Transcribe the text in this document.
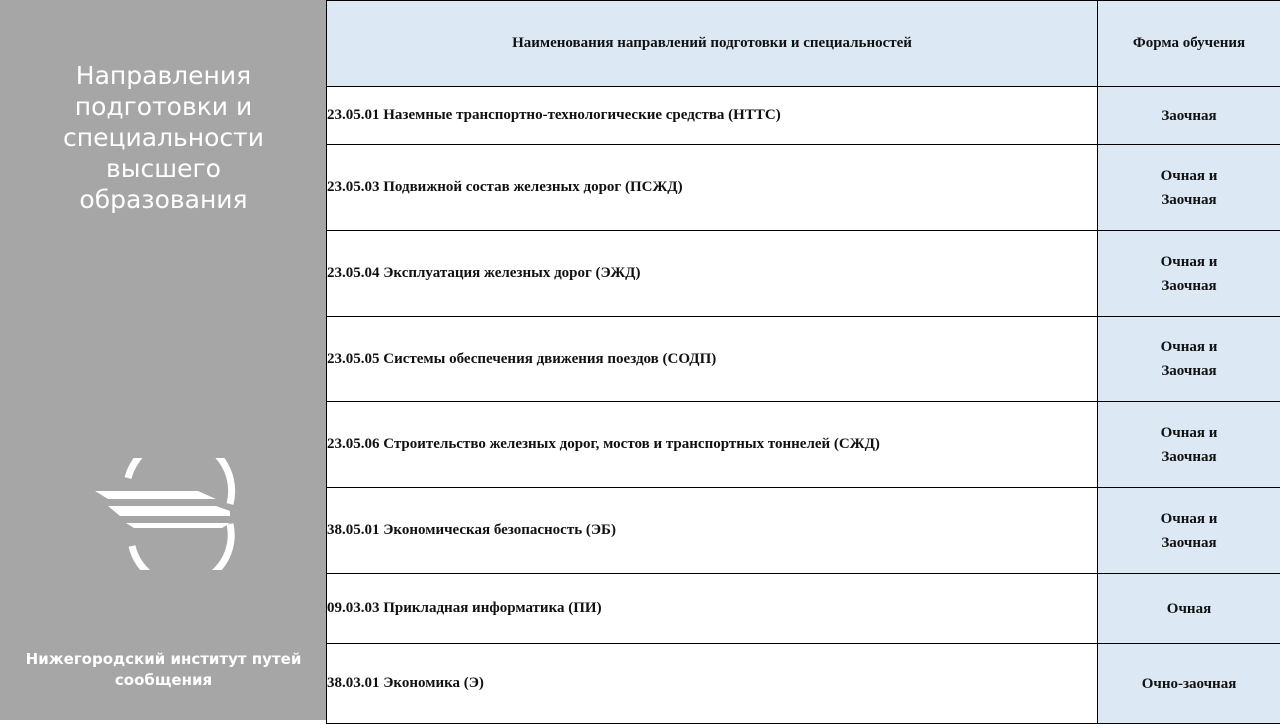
Направления
подготовки и
специальности
высшего
образования
Нижегородский институт путей
сообщения
Наименования направлений подготовки и специальностей	Форма обучения
23.05.01 Наземные транспортно-технологические средства (НТТС)	Заочная

23.05.03 Подвижной состав железных дорог (ПСЖД)	Очная и
Заочная

23.05.04 Эксплуатация железных дорог (ЭЖД)	Очная и
Заочная

23.05.05 Системы обеспечения движения поездов (СОДП)	Очная и
Заочная

23.05.06 Строительство железных дорог, мостов и транспортных тоннелей (СЖД)	Очная и
Заочная

38.05.01 Экономическая безопасность (ЭБ)	Очная и
Заочная

09.03.03 Прикладная информатика (ПИ)	Очная

38.03.01 Экономика (Э)	Очно-заочная
